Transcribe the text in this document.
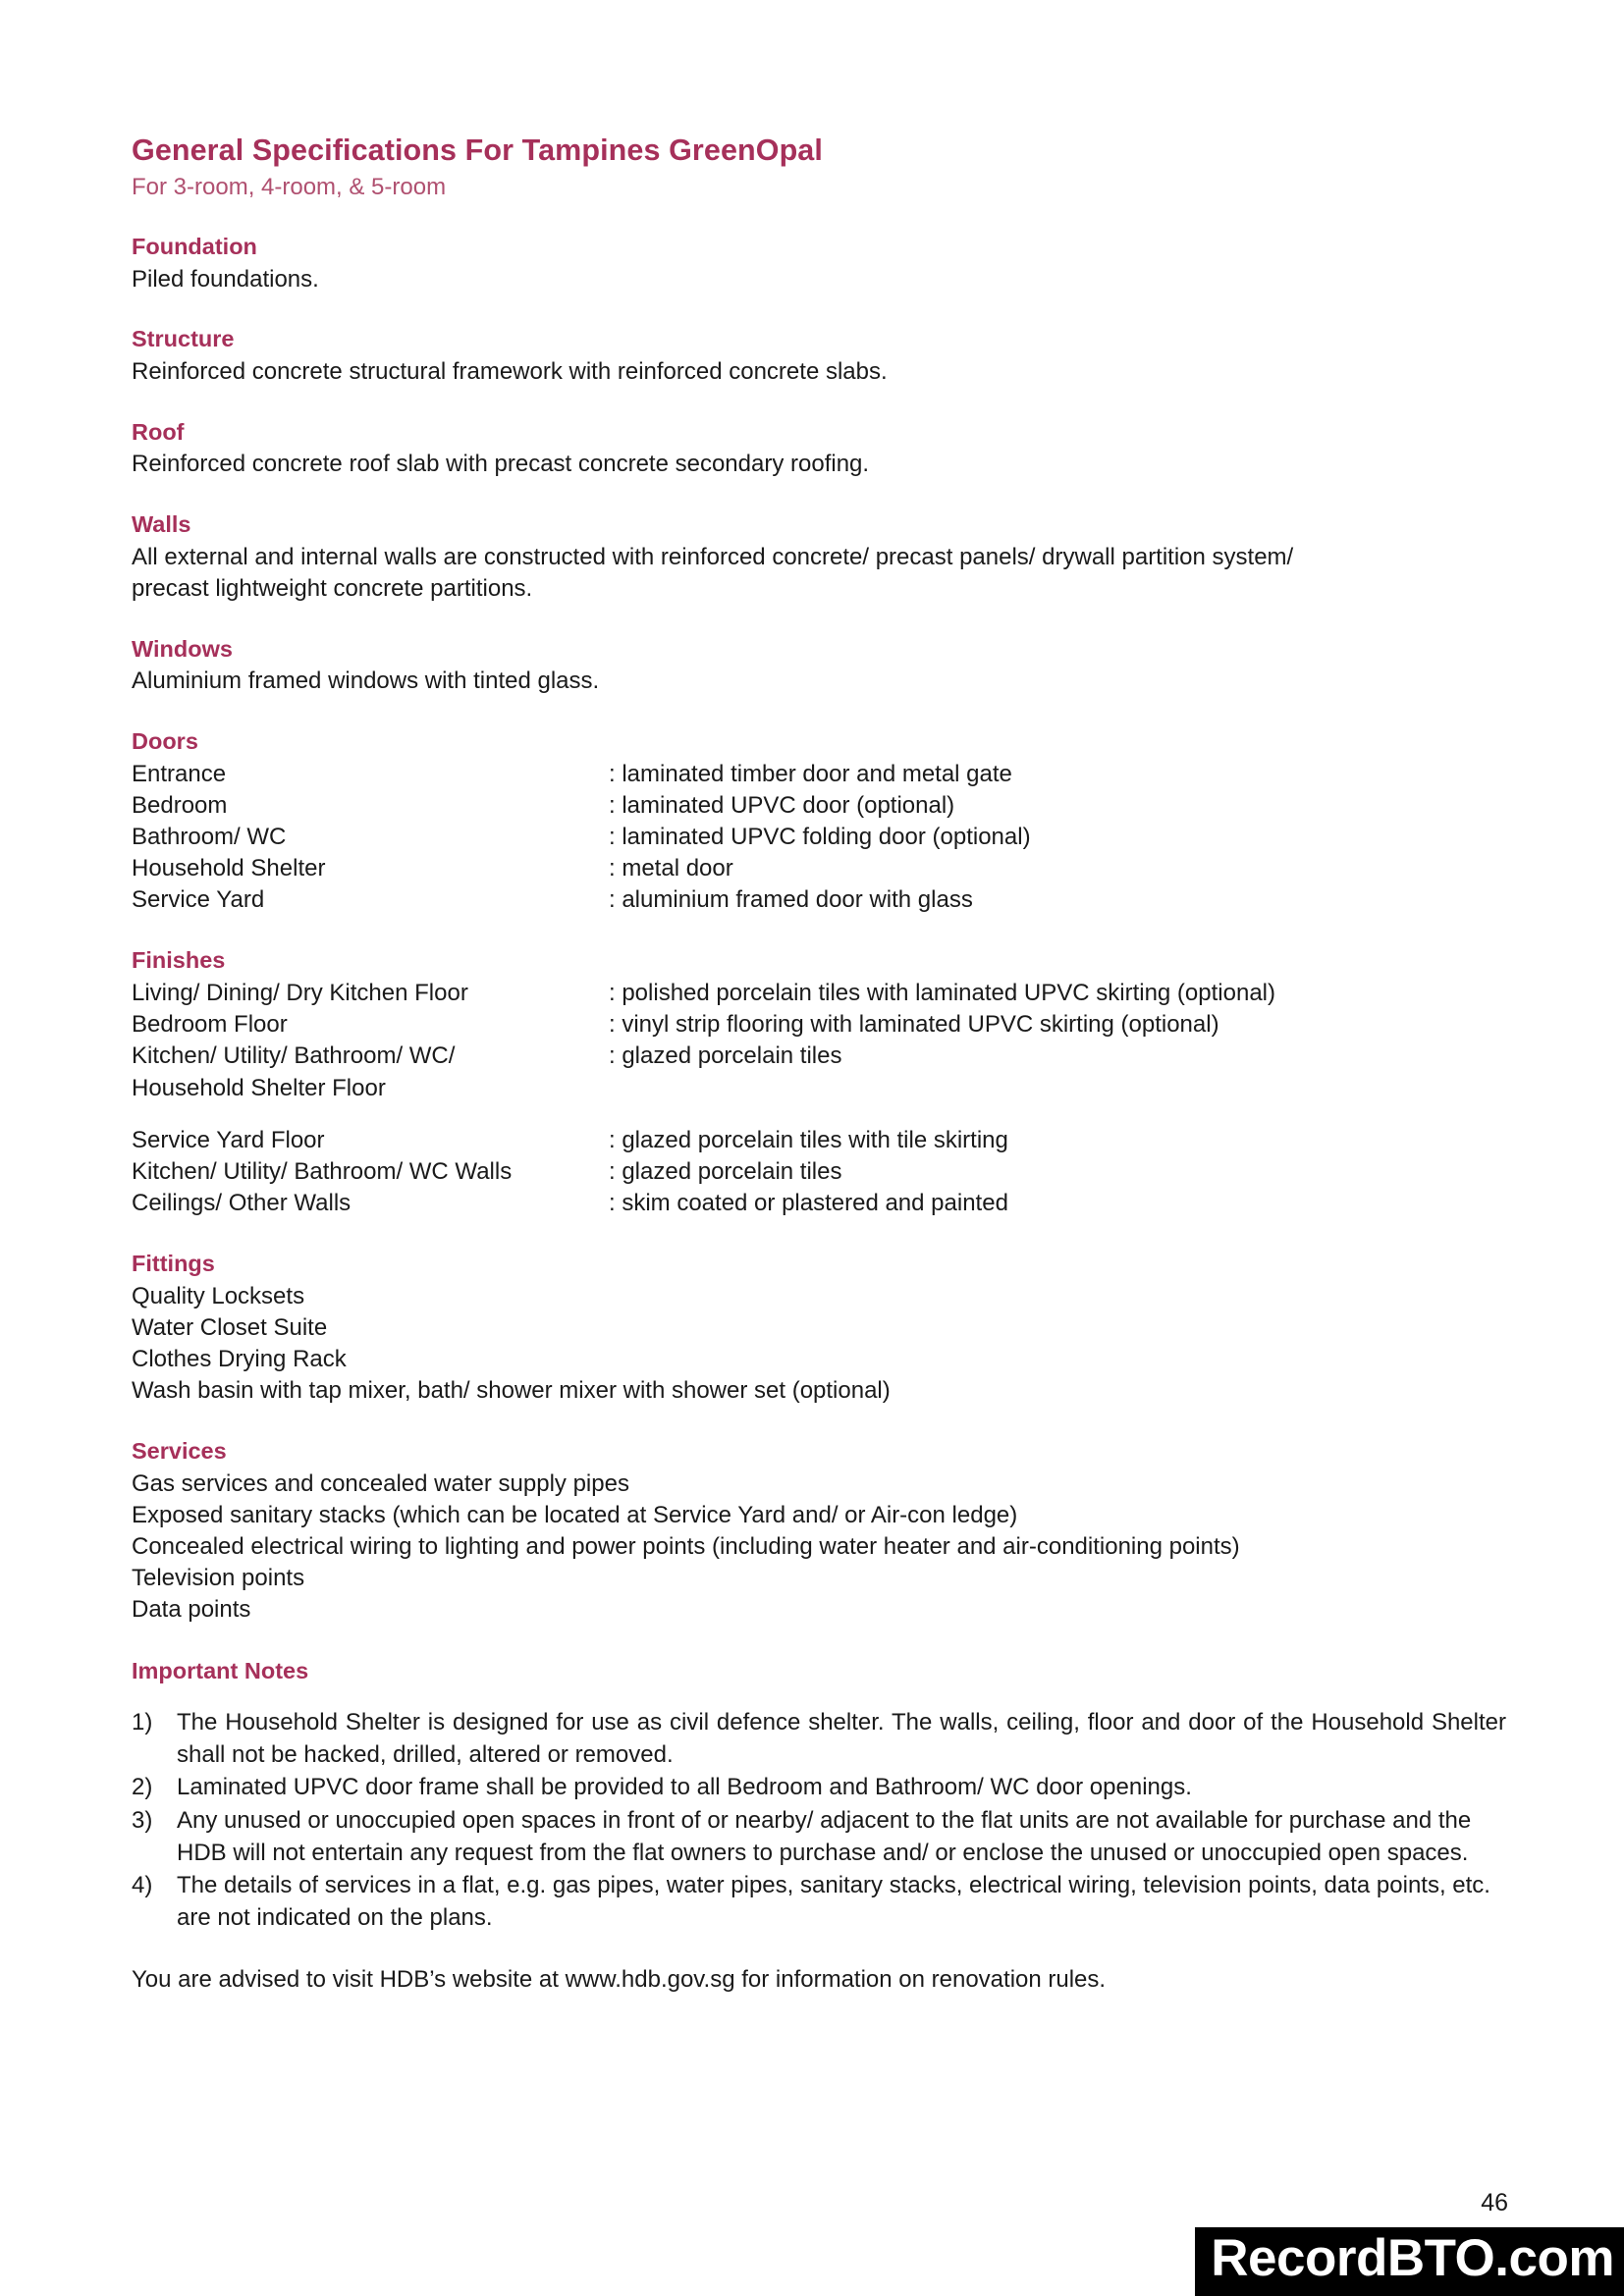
General Specifications For Tampines GreenOpal
For 3-room, 4-room, & 5-room
Foundation
Piled foundations.
Structure
Reinforced concrete structural framework with reinforced concrete slabs.
Roof
Reinforced concrete roof slab with precast concrete secondary roofing.
Walls
All external and internal walls are constructed with reinforced concrete/ precast panels/ drywall partition system/
precast lightweight concrete partitions.
Windows
Aluminium framed windows with tinted glass.
Doors
Entrance	: laminated timber door and metal gate
Bedroom	: laminated UPVC door (optional)
Bathroom/ WC	: laminated UPVC folding door (optional)
Household Shelter	: metal door
Service Yard	: aluminium framed door with glass
Finishes
Living/ Dining/ Dry Kitchen Floor	: polished porcelain tiles with laminated UPVC skirting (optional)
Bedroom Floor	: vinyl strip flooring with laminated UPVC skirting (optional)
Kitchen/ Utility/ Bathroom/ WC/	: glazed porcelain tiles
Household Shelter Floor
Service Yard Floor	: glazed porcelain tiles with tile skirting
Kitchen/ Utility/ Bathroom/ WC Walls	: glazed porcelain tiles
Ceilings/ Other Walls	: skim coated or plastered and painted
Fittings
Quality Locksets
Water Closet Suite
Clothes Drying Rack
Wash basin with tap mixer, bath/ shower mixer with shower set (optional)
Services
Gas services and concealed water supply pipes
Exposed sanitary stacks (which can be located at Service Yard and/ or Air-con ledge)
Concealed electrical wiring to lighting and power points (including water heater and air-conditioning points)
Television points
Data points
Important Notes
1)	The Household Shelter is designed for use as civil defence shelter. The walls, ceiling, floor and door of the Household Shelter shall not be hacked, drilled, altered or removed.
2)	Laminated UPVC door frame shall be provided to all Bedroom and Bathroom/ WC door openings.
3)	Any unused or unoccupied open spaces in front of or nearby/ adjacent to the flat units are not available for purchase and the HDB will not entertain any request from the flat owners to purchase and/ or enclose the unused or unoccupied open spaces.
4)	The details of services in a flat, e.g. gas pipes, water pipes, sanitary stacks, electrical wiring, television points, data points, etc. are not indicated on the plans.
You are advised to visit HDB’s website at www.hdb.gov.sg for information on renovation rules.
46
RecordBTO.com
